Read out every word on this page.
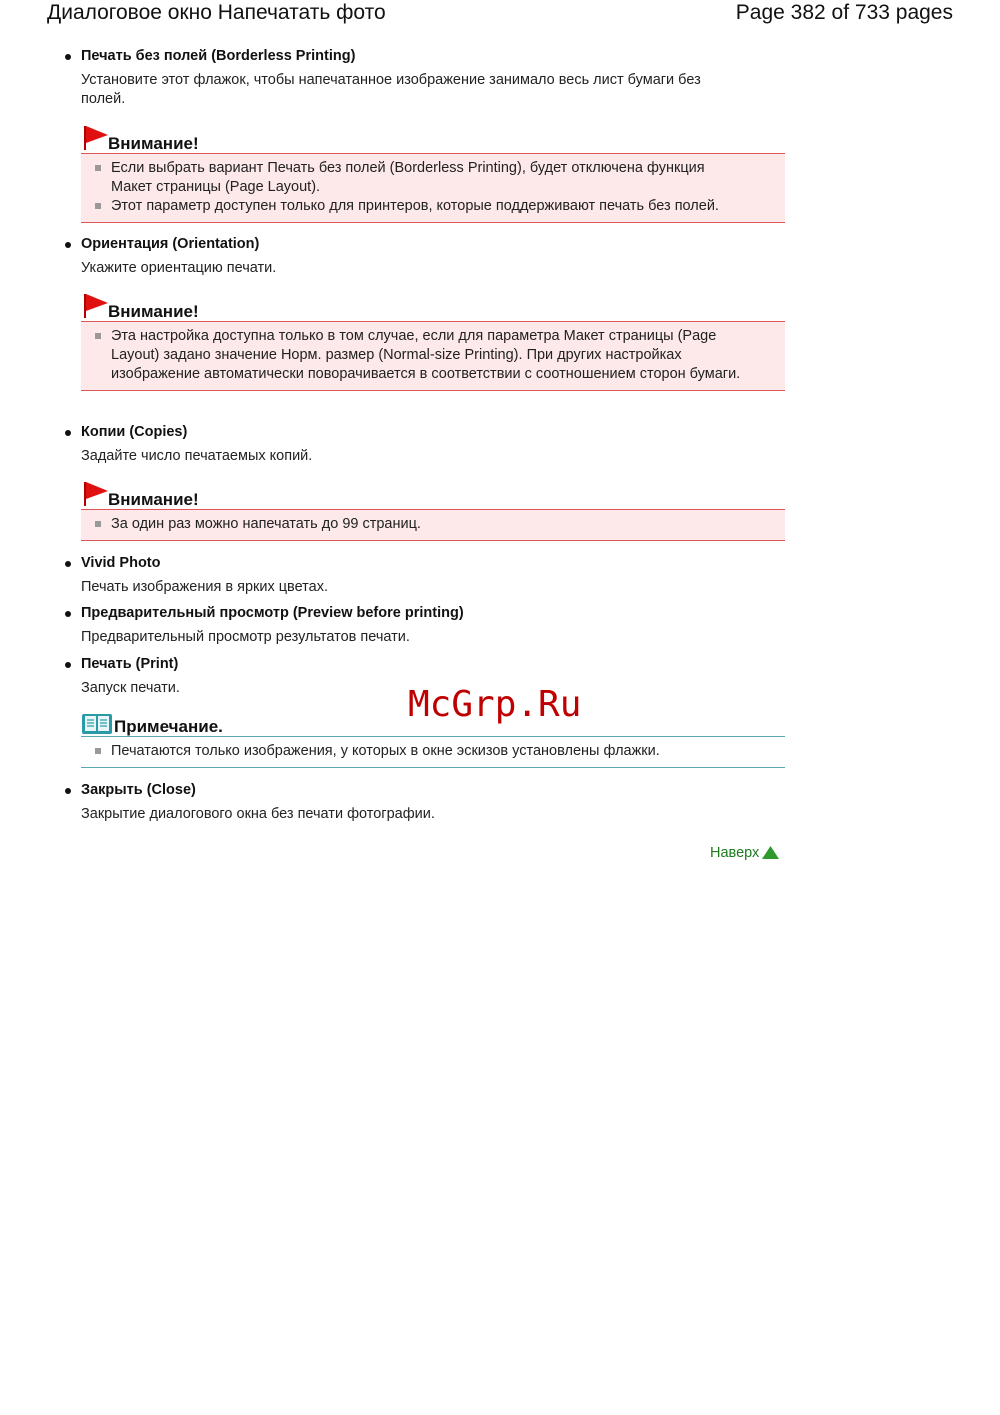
Диалоговое окно Напечатать фото	Page 382 of 733 pages
Печать без полей (Borderless Printing)
Установите этот флажок, чтобы напечатанное изображение занимало весь лист бумаги без полей.
Внимание!
Если выбрать вариант Печать без полей (Borderless Printing), будет отключена функция Макет страницы (Page Layout).
Этот параметр доступен только для принтеров, которые поддерживают печать без полей.
Ориентация (Orientation)
Укажите ориентацию печати.
Внимание!
Эта настройка доступна только в том случае, если для параметра Макет страницы (Page Layout) задано значение Норм. размер (Normal-size Printing). При других настройках изображение автоматически поворачивается в соответствии с соотношением сторон бумаги.
Копии (Copies)
Задайте число печатаемых копий.
Внимание!
За один раз можно напечатать до 99 страниц.
Vivid Photo
Печать изображения в ярких цветах.
Предварительный просмотр (Preview before printing)
Предварительный просмотр результатов печати.
Печать (Print)
Запуск печати.
Примечание.
Печатаются только изображения, у которых в окне эскизов установлены флажки.
Закрыть (Close)
Закрытие диалогового окна без печати фотографии.
McGrp.Ru
Наверх
